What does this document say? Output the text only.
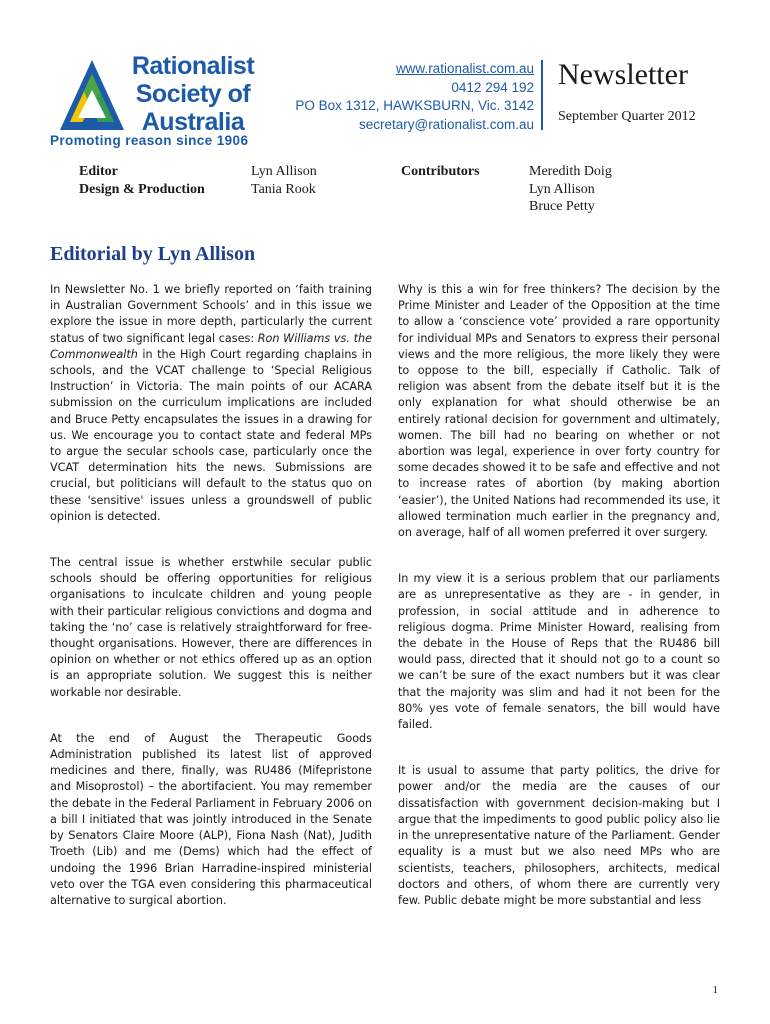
Rationalist
Society of
Australia
Promoting reason since 1906
www.rationalist.com.au
0412 294 192
PO Box 1312, HAWKSBURN, Vic. 3142
secretary@rationalist.com.au
Newsletter
September Quarter 2012
Editor
Design & Production
Lyn Allison
Tania Rook
Contributors	Meredith Doig
Lyn Allison
Bruce Petty
Editorial by Lyn Allison

In Newsletter No. 1 we briefly reported on ‘faith training in Australian Government Schools’ and in this issue we explore the issue in more depth, particularly the current status of two significant legal cases: Ron Williams vs. the Commonwealth in the High Court regarding chaplains in schools, and the VCAT challenge to ‘Special Religious Instruction’ in Victoria. The main points of our ACARA submission on the curriculum implications are included and Bruce Petty encapsulates the issues in a drawing for us. We encourage you to contact state and federal MPs to argue the secular schools case, particularly once the VCAT determination hits the news. Submissions are crucial, but politicians will default to the status quo on these 'sensitive' issues unless a groundswell of public opinion is detected.

The central issue is whether erstwhile secular public schools should be offering opportunities for religious organisations to inculcate children and young people with their particular religious convictions and dogma and taking the ‘no’ case is relatively straightforward for free-thought organisations. However, there are differences in opinion on whether or not ethics offered up as an option is an appropriate solution. We suggest this is neither workable nor desirable.

At the end of August the Therapeutic Goods Administration published its latest list of approved medicines and there, finally, was RU486 (Mifepristone and Misoprostol) – the abortifacient. You may remember the debate in the Federal Parliament in February 2006 on a bill I initiated that was jointly introduced in the Senate by Senators Claire Moore (ALP), Fiona Nash (Nat), Judith Troeth (Lib) and me (Dems) which had the effect of undoing the 1996 Brian Harradine-inspired ministerial veto over the TGA even considering this pharmaceutical alternative to surgical abortion.

Why is this a win for free thinkers? The decision by the Prime Minister and Leader of the Opposition at the time to allow a ‘conscience vote’ provided a rare opportunity for individual MPs and Senators to express their personal views and the more religious, the more likely they were to oppose to the bill, especially if Catholic. Talk of religion was absent from the debate itself but it is the only explanation for what should otherwise be an entirely rational decision for government and ultimately, women. The bill had no bearing on whether or not abortion was legal, experience in over forty country for some decades showed it to be safe and effective and not to increase rates of abortion (by making abortion ‘easier’), the United Nations had recommended its use, it allowed termination much earlier in the pregnancy and, on average, half of all women preferred it over surgery.

In my view it is a serious problem that our parliaments are as unrepresentative as they are - in gender, in profession, in social attitude and in adherence to religious dogma. Prime Minister Howard, realising from the debate in the House of Reps that the RU486 bill would pass, directed that it should not go to a count so we can’t be sure of the exact numbers but it was clear that the majority was slim and had it not been for the 80% yes vote of female senators, the bill would have failed.

It is usual to assume that party politics, the drive for power and/or the media are the causes of our dissatisfaction with government decision-making but I argue that the impediments to good public policy also lie in the unrepresentative nature of the Parliament. Gender equality is a must but we also need MPs who are scientists, teachers, philosophers, architects, medical doctors and others, of whom there are currently very few. Public debate might be more substantial and less

1
